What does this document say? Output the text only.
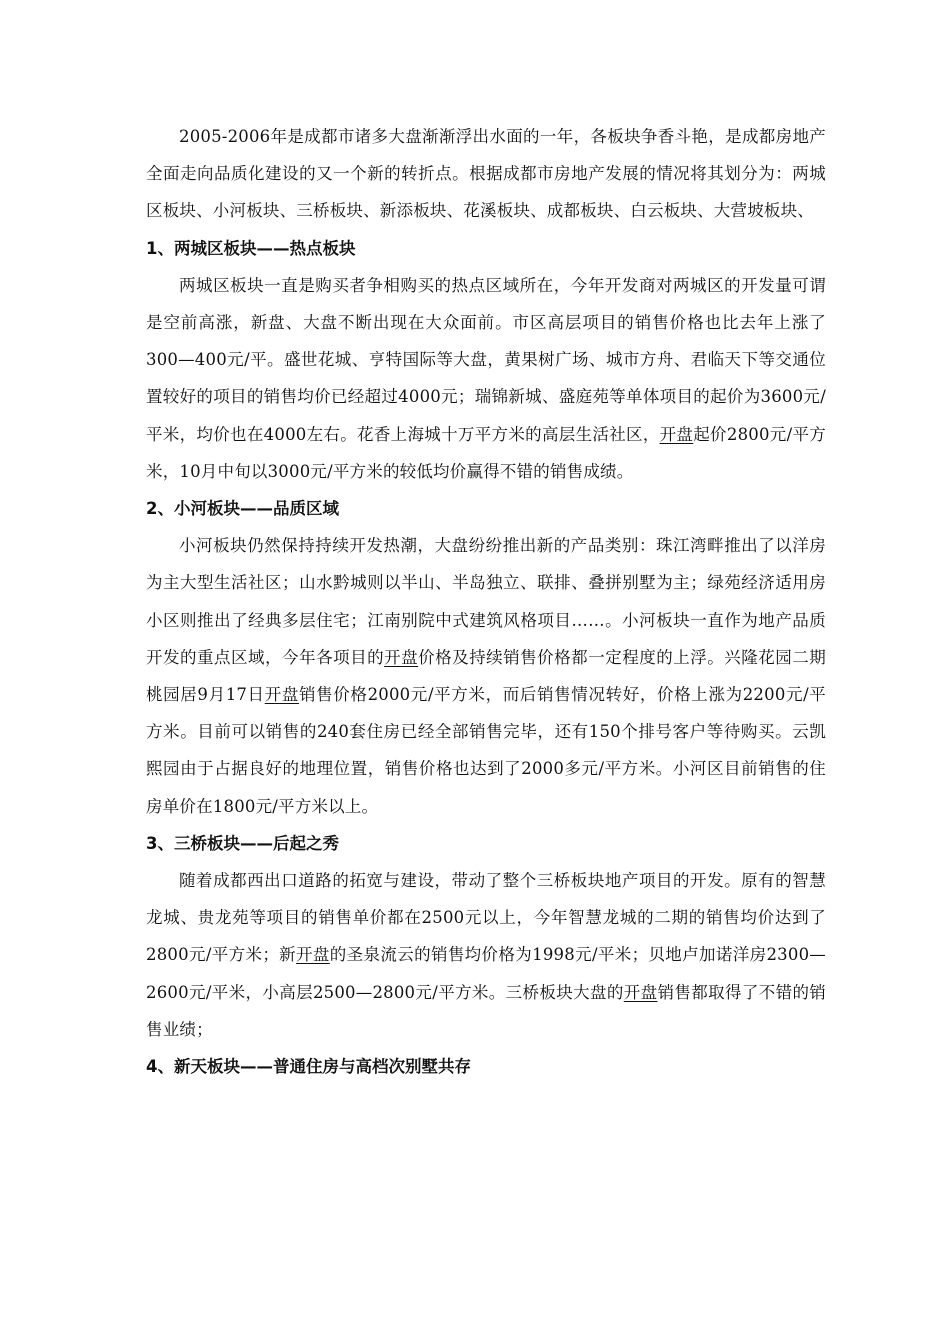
2005-2006年是成都市诸多大盘渐渐浮出水面的一年，各板块争香斗艳，是成都房地产全面走向品质化建设的又一个新的转折点。根据成都市房地产发展的情况将其划分为：两城区板块、小河板块、三桥板块、新添板块、花溪板块、成都板块、白云板块、大营坡板块、

1、两城区板块——热点板块

两城区板块一直是购买者争相购买的热点区域所在，今年开发商对两城区的开发量可谓是空前高涨，新盘、大盘不断出现在大众面前。市区高层项目的销售价格也比去年上涨了300—400元/平。盛世花城、亨特国际等大盘，黄果树广场、城市方舟、君临天下等交通位置较好的项目的销售均价已经超过4000元；瑞锦新城、盛庭苑等单体项目的起价为3600元/平米，均价也在4000左右。花香上海城十万平方米的高层生活社区，开盘起价2800元/平方米，10月中旬以3000元/平方米的较低均价赢得不错的销售成绩。

2、小河板块——品质区域

小河板块仍然保持持续开发热潮，大盘纷纷推出新的产品类别：珠江湾畔推出了以洋房为主大型生活社区；山水黔城则以半山、半岛独立、联排、叠拼别墅为主；绿苑经济适用房小区则推出了经典多层住宅；江南别院中式建筑风格项目……。小河板块一直作为地产品质开发的重点区域，今年各项目的开盘价格及持续销售价格都一定程度的上浮。兴隆花园二期桃园居9月17日开盘销售价格2000元/平方米，而后销售情况转好，价格上涨为2200元/平方米。目前可以销售的240套住房已经全部销售完毕，还有150个排号客户等待购买。云凯熙园由于占据良好的地理位置，销售价格也达到了2000多元/平方米。小河区目前销售的住房单价在1800元/平方米以上。

3、三桥板块——后起之秀

随着成都西出口道路的拓宽与建设，带动了整个三桥板块地产项目的开发。原有的智慧龙城、贵龙苑等项目的销售单价都在2500元以上，今年智慧龙城的二期的销售均价达到了2800元/平方米；新开盘的圣泉流云的销售均价格为1998元/平米；贝地卢加诺洋房2300—2600元/平米，小高层2500—2800元/平方米。三桥板块大盘的开盘销售都取得了不错的销售业绩；

4、新天板块——普通住房与高档次别墅共存
